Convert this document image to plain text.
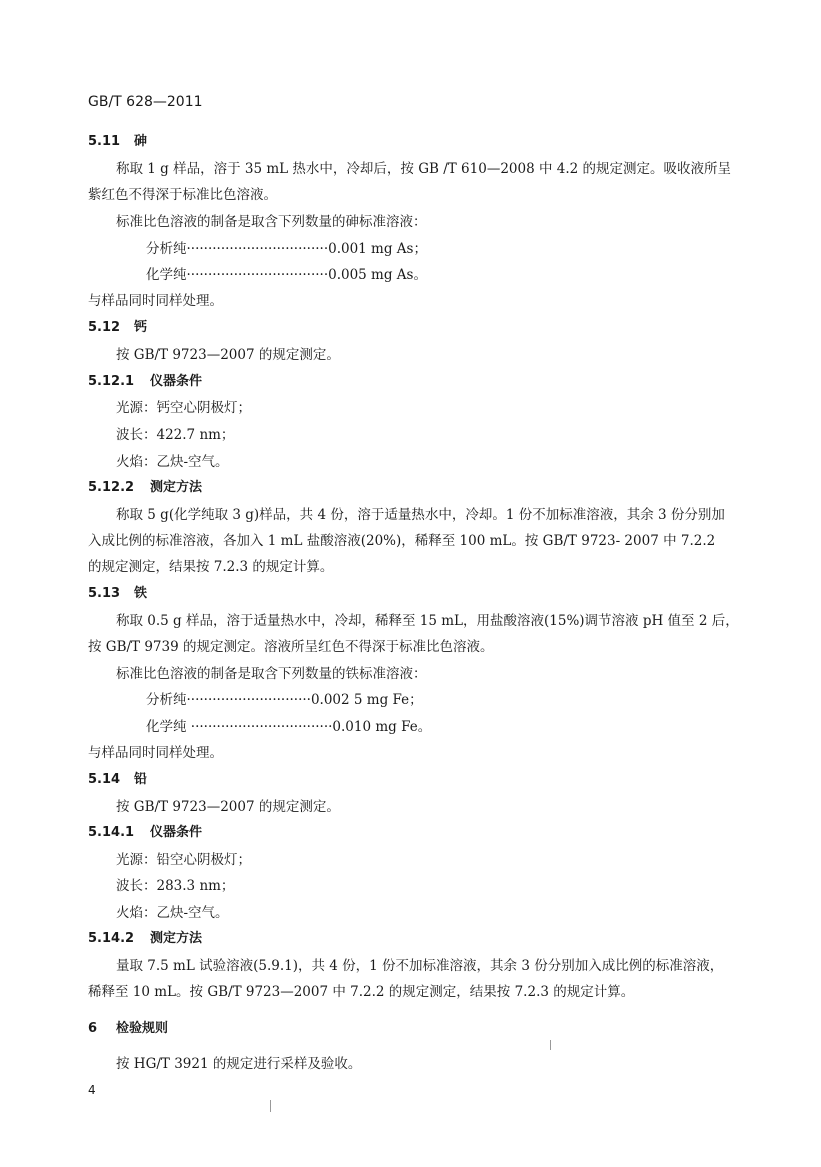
GB/T 628—2011
5.11 砷
称取 1 g 样品，溶于 35 mL 热水中，冷却后，按 GB /T 610—2008 中 4.2 的规定测定。吸收液所呈
紫红色不得深于标准比色溶液。
标准比色溶液的制备是取含下列数量的砷标准溶液：
分析纯·································0.001 mg As；
化学纯·································0.005 mg As。
与样品同时同样处理。
5.12 钙
按 GB/T 9723—2007 的规定测定。
5.12.1 仪器条件
光源：钙空心阴极灯；
波长：422.7 nm；
火焰：乙炔-空气。
5.12.2 测定方法
称取 5 g(化学纯取 3 g)样品，共 4 份，溶于适量热水中，冷却。1 份不加标准溶液，其余 3 份分别加
入成比例的标准溶液，各加入 1 mL 盐酸溶液(20%)，稀释至 100 mL。按 GB/T 9723- 2007 中 7.2.2
的规定测定，结果按 7.2.3 的规定计算。
5.13 铁
称取 0.5 g 样品，溶于适量热水中，冷却，稀释至 15 mL，用盐酸溶液(15%)调节溶液 pH 值至 2 后，
按 GB/T 9739 的规定测定。溶液所呈红色不得深于标准比色溶液。
标准比色溶液的制备是取含下列数量的铁标准溶液：
分析纯·····························0.002 5 mg Fe；
化学纯 ·································0.010 mg Fe。
与样品同时同样处理。
5.14 铅
按 GB/T 9723—2007 的规定测定。
5.14.1 仪器条件
光源：铅空心阴极灯；
波长：283.3 nm；
火焰：乙炔-空气。
5.14.2 测定方法
量取 7.5 mL 试验溶液(5.9.1)，共 4 份，1 份不加标准溶液，其余 3 份分别加入成比例的标准溶液，
稀释至 10 mL。按 GB/T 9723—2007 中 7.2.2 的规定测定，结果按 7.2.3 的规定计算。
6 检验规则
按 HG/T 3921 的规定进行采样及验收。
4
